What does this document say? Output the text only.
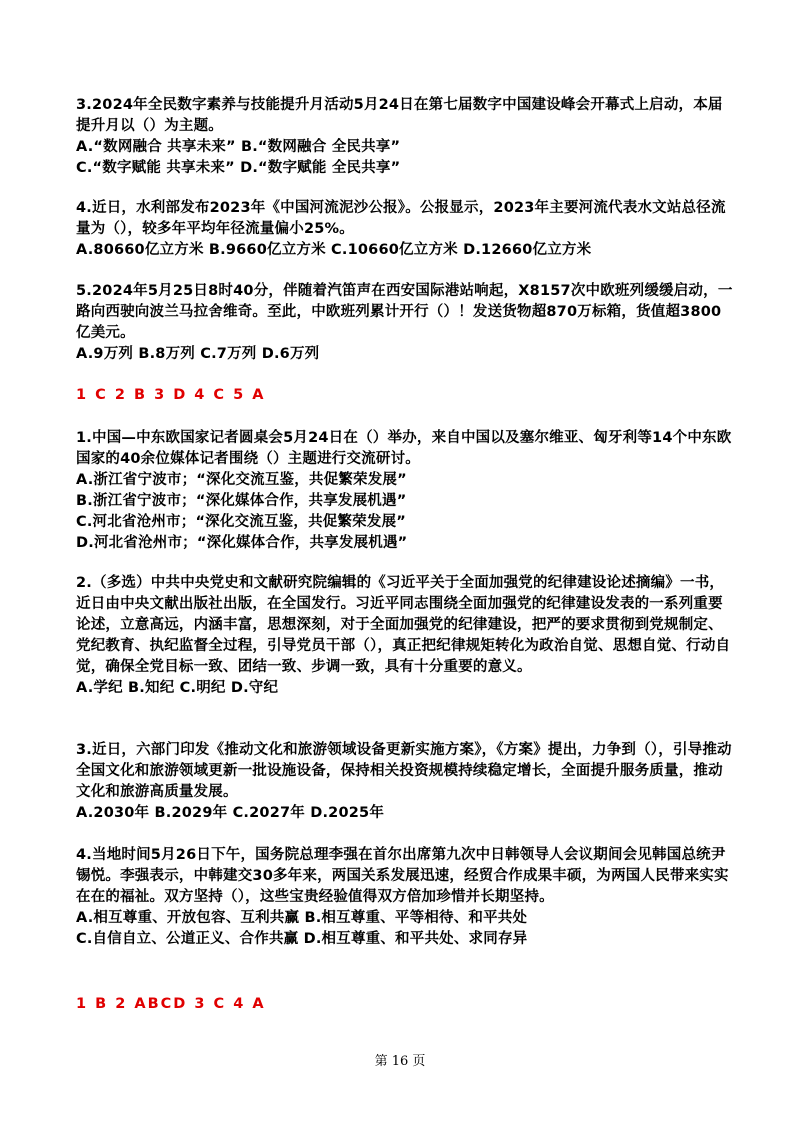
3.2024年全民数字素养与技能提升月活动5月24日在第七届数字中国建设峰会开幕式上启动，本届提升月以（）为主题。

A.“数网融合 共享未来” B.“数网融合 全民共享”

C.“数字赋能 共享未来” D.“数字赋能 全民共享”

4.近日，水利部发布2023年《中国河流泥沙公报》。公报显示，2023年主要河流代表水文站总径流量为（），较多年平均年径流量偏小25%。

A.80660亿立方米 B.9660亿立方米 C.10660亿立方米 D.12660亿立方米

5.2024年5月25日8时40分，伴随着汽笛声在西安国际港站响起，X8157次中欧班列缓缓启动，一路向西驶向波兰马拉舍维奇。至此，中欧班列累计开行（）！发送货物超870万标箱，货值超3800亿美元。

A.9万列 B.8万列 C.7万列 D.6万列

1 C 2 B 3 D 4 C 5 A

1.中国—中东欧国家记者圆桌会5月24日在（）举办，来自中国以及塞尔维亚、匈牙利等14个中东欧国家的40余位媒体记者围绕（）主题进行交流研讨。

A.浙江省宁波市；“深化交流互鉴，共促繁荣发展”

B.浙江省宁波市；“深化媒体合作，共享发展机遇”

C.河北省沧州市；“深化交流互鉴，共促繁荣发展”

D.河北省沧州市；“深化媒体合作，共享发展机遇”

2.（多选）中共中央党史和文献研究院编辑的《习近平关于全面加强党的纪律建设论述摘编》一书，近日由中央文献出版社出版，在全国发行。习近平同志围绕全面加强党的纪律建设发表的一系列重要论述，立意高远，内涵丰富，思想深刻，对于全面加强党的纪律建设，把严的要求贯彻到党规制定、党纪教育、执纪监督全过程，引导党员干部（），真正把纪律规矩转化为政治自觉、思想自觉、行动自觉，确保全党目标一致、团结一致、步调一致，具有十分重要的意义。

A.学纪 B.知纪 C.明纪 D.守纪

3.近日，六部门印发《推动文化和旅游领域设备更新实施方案》，《方案》提出，力争到（），引导推动全国文化和旅游领域更新一批设施设备，保持相关投资规模持续稳定增长，全面提升服务质量，推动文化和旅游高质量发展。

A.2030年 B.2029年 C.2027年 D.2025年

4.当地时间5月26日下午，国务院总理李强在首尔出席第九次中日韩领导人会议期间会见韩国总统尹锡悦。李强表示，中韩建交30多年来，两国关系发展迅速，经贸合作成果丰硕，为两国人民带来实实在在的福祉。双方坚持（），这些宝贵经验值得双方倍加珍惜并长期坚持。

A.相互尊重、开放包容、互利共赢 B.相互尊重、平等相待、和平共处

C.自信自立、公道正义、合作共赢 D.相互尊重、和平共处、求同存异

1 B 2 ABCD 3 C 4 A
第 16 页
